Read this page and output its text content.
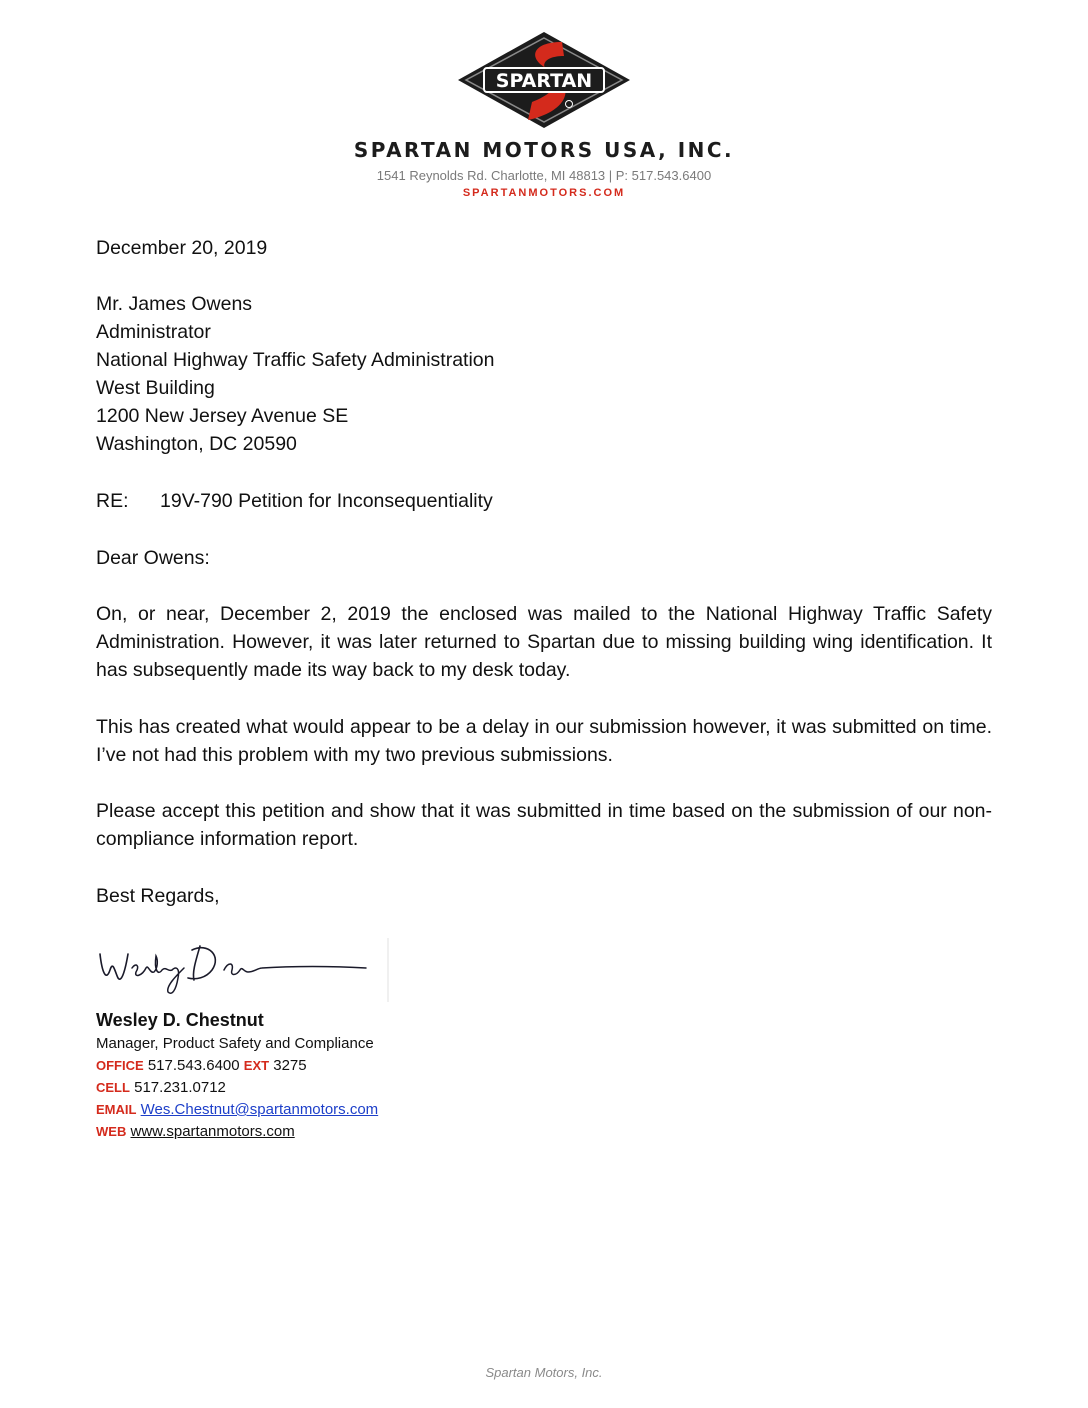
SPARTAN
SPARTAN MOTORS USA, INC.
1541 Reynolds Rd. Charlotte, MI 48813 | P: 517.543.6400
SPARTANMOTORS.COM
December 20, 2019
Mr. James Owens
Administrator
National Highway Traffic Safety Administration
West Building
1200 New Jersey Avenue SE
Washington, DC 20590
RE: 19V-790 Petition for Inconsequentiality
Dear Owens:
On, or near, December 2, 2019 the enclosed was mailed to the National Highway Traffic Safety Administration. However, it was later returned to Spartan due to missing building wing identification. It has subsequently made its way back to my desk today.
This has created what would appear to be a delay in our submission however, it was submitted on time. I’ve not had this problem with my two previous submissions.
Please accept this petition and show that it was submitted in time based on the submission of our non-compliance information report.
Best Regards,
Wesley D. Chestnut
Manager, Product Safety and Compliance
OFFICE 517.543.6400 EXT 3275
CELL 517.231.0712
EMAIL Wes.Chestnut@spartanmotors.com
WEB www.spartanmotors.com
Spartan Motors, Inc.
